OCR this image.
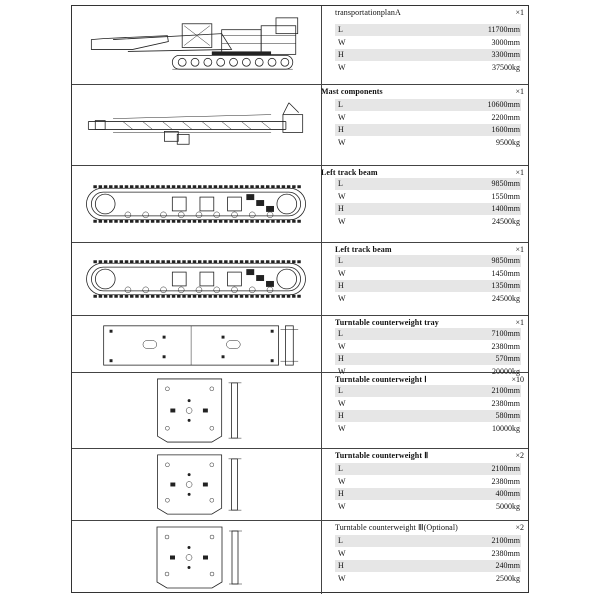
transportationplanA	×1
L	11700mm
W	3000mm
H	3300mm
W	37500kg
Mast components	×1
L	10600mm
W	2200mm
H	1600mm
W	9500kg
Left track beam	×1
L	9850mm
W	1550mm
H	1400mm
W	24500kg
Left track beam	×1
L	9850mm
W	1450mm
H	1350mm
W	24500kg
Turntable counterweight tray	×1
L	7100mm
W	2380mm
H	570mm
W	20000kg
Turntable counterweight Ⅰ	×10
L	2100mm
W	2380mm
H	580mm
W	10000kg
Turntable counterweight Ⅱ	×2
L	2100mm
W	2380mm
H	400mm
W	5000kg
Turntable counterweight Ⅲ(Optional)	×2
L	2100mm
W	2380mm
H	240mm
W	2500kg
